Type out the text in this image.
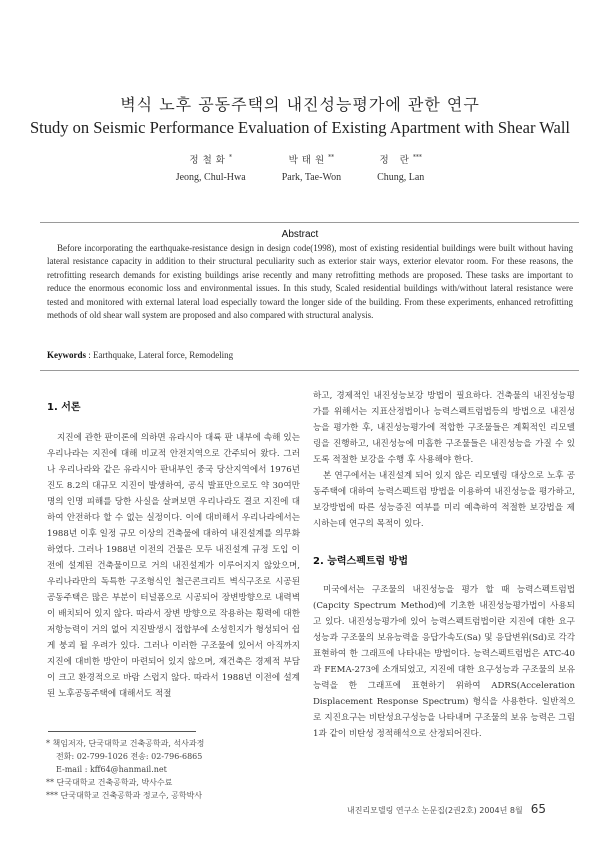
벽식 노후 공동주택의 내진성능평가에 관한 연구
Study on Seismic Performance Evaluation of Existing Apartment with Shear Wall
정철화*
Jeong, Chul-Hwa
박태원**
Park, Tae-Won
정 란***
Chung, Lan
Abstract
Before incorporating the earthquake-resistance design in design code(1998), most of existing residential buildings were built without having lateral resistance capacity in addition to their structural peculiarity such as exterior stair ways, exterior elevator room. For these reasons, the retrofitting research demands for existing buildings arise recently and many retrofitting methods are proposed. These tasks are important to reduce the enormous economic loss and environmental issues. In this study, Scaled residential buildings with/without lateral resistance were tested and monitored with external lateral load especially toward the longer side of the building. From these experiments, enhanced retrofitting methods of old shear wall system are proposed and also compared with structural analysis.
Keywords : Earthquake, Lateral force, Remodeling
1. 서론

지진에 관한 판이론에 의하면 유라시아 대륙 판 내부에 속해 있는 우리나라는 지진에 대해 비교적 안전지역으로 간주되어 왔다. 그러나 우리나라와 같은 유라시아 판내부인 중국 당산지역에서 1976년 진도 8.2의 대규모 지진이 발생하여, 공식 발표만으로도 약 30여만 명의 인명 피해를 당한 사실을 살펴보면 우리나라도 결코 지진에 대하여 안전하다 할 수 없는 실정이다. 이에 대비해서 우리나라에서는 1988년 이후 일정 규모 이상의 건축물에 대하여 내진설계를 의무화하였다. 그러나 1988년 이전의 건물은 모두 내진설계 규정 도입 이전에 설계된 건축물이므로 거의 내진설계가 이루어지지 않았으며, 우리나라만의 독특한 구조형식인 철근콘크리트 벽식구조로 시공된 공동주택은 많은 부분이 터널폼으로 시공되어 장변방향으로 내력벽이 배치되어 있지 않다. 따라서 장변 방향으로 작용하는 횡력에 대한 저항능력이 거의 없어 지진발생시 접합부에 소성힌지가 형성되어 쉽게 붕괴 될 우려가 있다. 그러나 이러한 구조물에 있어서 아직까지 지진에 대비한 방안이 마련되어 있지 않으며, 재건축은 경제적 부담이 크고 환경적으로 바람 스럽지 않다. 따라서 1988년 이전에 설계된 노후공동주택에 대해서도 적절

하고, 경제적인 내진성능보강 방법이 필요하다. 건축물의 내진성능평가를 위해서는 지표산정법이나 능력스펙트럼법등의 방법으로 내진성능을 평가한 후, 내진성능평가에 적합한 구조물들은 계획적인 리모델링을 진행하고, 내진성능에 미흡한 구조물들은 내진성능을 가질 수 있도록 적절한 보강을 수행 후 사용해야 한다.

본 연구에서는 내진설계 되어 있지 않은 리모델링 대상으로 노후 공동주택에 대하여 능력스펙트럼 방법을 이용하여 내진성능을 평가하고, 보강방법에 따른 성능증진 여부를 미리 예측하여 적절한 보강법을 제시하는데 연구의 목적이 있다.

2. 능력스펙트럼 방법

미국에서는 구조물의 내진성능을 평가 할 때 능력스펙트럼법(Capcity Spectrum Method)에 기초한 내진성능평가법이 사용되고 있다. 내진성능평가에 있어 능력스펙트럼법이란 지진에 대한 요구성능과 구조물의 보유능력을 응답가속도(Sa) 및 응답변위(Sd)로 각각 표현하여 한 그래프에 나타내는 방법이다. 능력스펙트럼법은 ATC-40과 FEMA-273에 소개되었고, 지진에 대한 요구성능과 구조물의 보유능력을 한 그래프에 표현하기 위하여 ADRS(Acceleration Displacement Response Spectrum) 형식을 사용한다. 일반적으로 지진요구는 비탄성요구성능을 나타내며 구조물의 보유 능력은 그림 1과 같이 비탄성 정적해석으로 산정되어진다.

* 책임저자, 단국대학교 건축공학과, 석사과정
전화: 02-799-1026 전송: 02-796-6865
E-mail : kff64@hanmail.net
** 단국대학교 건축공학과, 박사수료
*** 단국대학교 건축공학과 정교수, 공학박사
내진리모델링 연구소 논문집(2권2호) 2004년 8월 65
